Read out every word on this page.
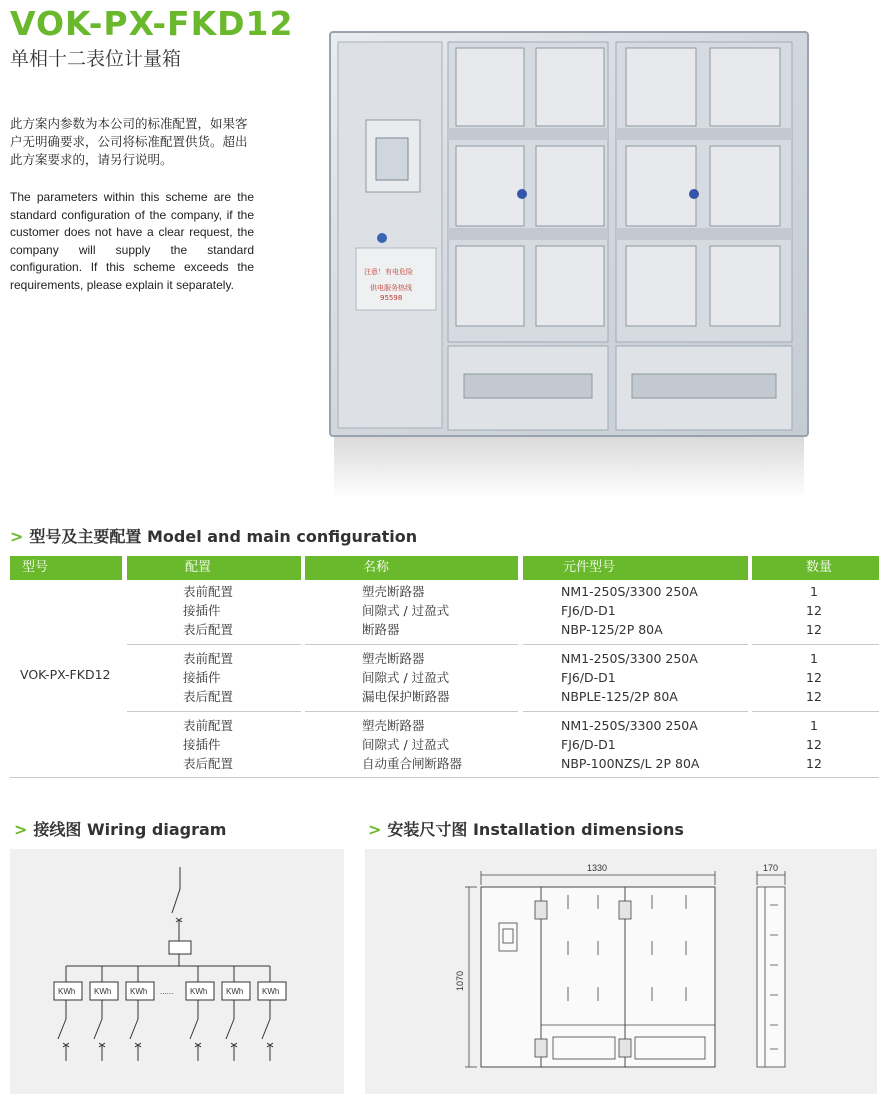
VOK-PX-FKD12
单相十二表位计量箱
此方案内参数为本公司的标准配置，如果客户无明确要求，公司将标准配置供货。超出此方案要求的，请另行说明。
The parameters within this scheme are the standard configuration of the company, if the customer does not have a clear request, the company will supply the standard configuration. If this scheme exceeds the requirements, please explain it separately.
注意！有电危险
供电服务热线
95598
> 型号及主要配置 Model and main configuration
型号	配置	名称	元件型号	数量
VOK-PX-FKD12
表前配置	塑壳断路器	NM1-250S/3300 250A	1
接插件	间隙式 / 过盈式	FJ6/D-D1	12
表后配置	断路器	NBP-125/2P 80A	12
表前配置	塑壳断路器	NM1-250S/3300 250A	1
接插件	间隙式 / 过盈式	FJ6/D-D1	12
表后配置	漏电保护断路器	NBPLE-125/2P 80A	12
表前配置	塑壳断路器	NM1-250S/3300 250A	1
接插件	间隙式 / 过盈式	FJ6/D-D1	12
表后配置	自动重合闸断路器	NBP-100NZS/L 2P 80A	12
> 接线图 Wiring diagram
KWh KWh KWh	KWh KWh KWh
......
> 安装尺寸图 Installation dimensions
1330	170
1070
